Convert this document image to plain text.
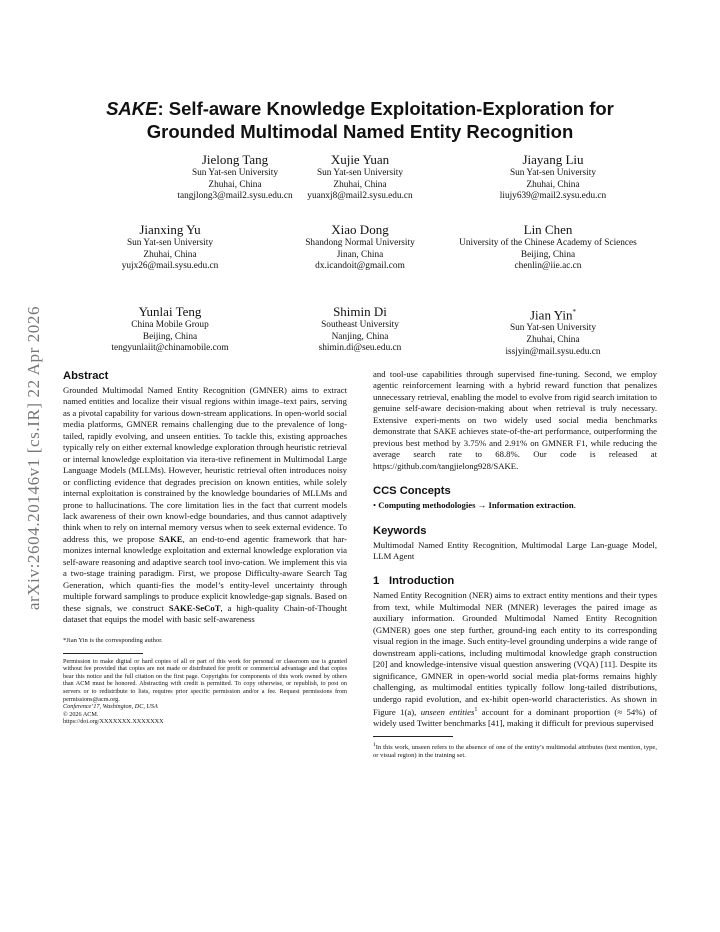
arXiv:2604.20146v1 [cs.IR] 22 Apr 2026
SAKE: Self-aware Knowledge Exploitation-Exploration for
Grounded Multimodal Named Entity Recognition
Jielong Tang
Sun Yat-sen University
Zhuhai, China
tangjlong3@mail2.sysu.edu.cn
Xujie Yuan
Sun Yat-sen University
Zhuhai, China
yuanxj8@mail2.sysu.edu.cn
Jiayang Liu
Sun Yat-sen University
Zhuhai, China
liujy639@mail2.sysu.edu.cn
Jianxing Yu
Sun Yat-sen University
Zhuhai, China
yujx26@mail.sysu.edu.cn
Xiao Dong
Shandong Normal University
Jinan, China
dx.icandoit@gmail.com
Lin Chen
University of the Chinese Academy of Sciences
Beijing, China
chenlin@iie.ac.cn
Yunlai Teng
China Mobile Group
Beijing, China
tengyunlaiit@chinamobile.com
Shimin Di
Southeast University
Nanjing, China
shimin.di@seu.edu.cn
Jian Yin*
Sun Yat-sen University
Zhuhai, China
issjyin@mail.sysu.edu.cn
Abstract

Grounded Multimodal Named Entity Recognition (GMNER) aims to extract named entities and localize their visual regions within image–text pairs, serving as a pivotal capability for various down-stream applications. In open-world social media platforms, GMNER remains challenging due to the prevalence of long-tailed, rapidly evolving, and unseen entities. To tackle this, existing approaches typically rely on either external knowledge exploration through heuristic retrieval or internal knowledge exploitation via itera-tive refinement in Multimodal Large Language Models (MLLMs). However, heuristic retrieval often introduces noisy or conflicting evidence that degrades precision on known entities, while solely internal exploitation is constrained by the knowledge boundaries of MLLMs and prone to hallucinations. The core limitation lies in the fact that current models lack awareness of their own knowl-edge boundaries, and thus cannot adaptively think when to rely on internal memory versus when to seek external evidence. To address this, we propose SAKE, an end-to-end agentic framework that har-monizes internal knowledge exploitation and external knowledge exploration via self-aware reasoning and adaptive search tool invo-cation. We implement this via a two-stage training paradigm. First, we propose Difficulty-aware Search Tag Generation, which quanti-fies the model’s entity-level uncertainty through multiple forward samplings to produce explicit knowledge-gap signals. Based on these signals, we construct SAKE-SeCoT, a high-quality Chain-of-Thought dataset that equips the model with basic self-awareness

*Jian Yin is the corresponding author.
Permission to make digital or hard copies of all or part of this work for personal or classroom use is granted without fee provided that copies are not made or distributed for profit or commercial advantage and that copies bear this notice and the full citation on the first page. Copyrights for components of this work owned by others than ACM must be honored. Abstracting with credit is permitted. To copy otherwise, or republish, to post on servers or to redistribute to lists, requires prior specific permission and/or a fee. Request permissions from permissions@acm.org.
Conference’17, Washington, DC, USA
© 2026 ACM.
https://doi.org/XXXXXXX.XXXXXXX

and tool-use capabilities through supervised fine-tuning. Second, we employ agentic reinforcement learning with a hybrid reward function that penalizes unnecessary retrieval, enabling the model to evolve from rigid search imitation to genuine self-aware decision-making about when retrieval is truly necessary. Extensive experi-ments on two widely used social media benchmarks demonstrate that SAKE achieves state-of-the-art performance, outperforming the previous best method by 3.75% and 2.91% on GMNER F1, while reducing the average search rate to 68.8%. Our code is released at https://github.com/tangjielong928/SAKE.

CCS Concepts

• Computing methodologies → Information extraction.

Keywords

Multimodal Named Entity Recognition, Multimodal Large Lan-guage Model, LLM Agent

1 Introduction

Named Entity Recognition (NER) aims to extract entity mentions and their types from text, while Multimodal NER (MNER) leverages the paired image as auxiliary information. Grounded Multimodal Named Entity Recognition (GMNER) goes one step further, ground-ing each entity to its corresponding visual region in the image. Such entity-level grounding underpins a wide range of downstream appli-cations, including multimodal knowledge graph construction [20] and knowledge-intensive visual question answering (VQA) [11]. Despite its significance, GMNER in open-world social media plat-forms remains highly challenging, as multimodal entities typically follow long-tailed distributions, undergo rapid evolution, and ex-hibit open-world characteristics. As shown in Figure 1(a), unseen entities$^1$ account for a dominant proportion (≈ 54%) of widely used Twitter benchmarks [41], making it difficult for previous supervised

$^1$In this work, unseen refers to the absence of one of the entity’s multimodal attributes (text mention, type, or visual region) in the training set.
